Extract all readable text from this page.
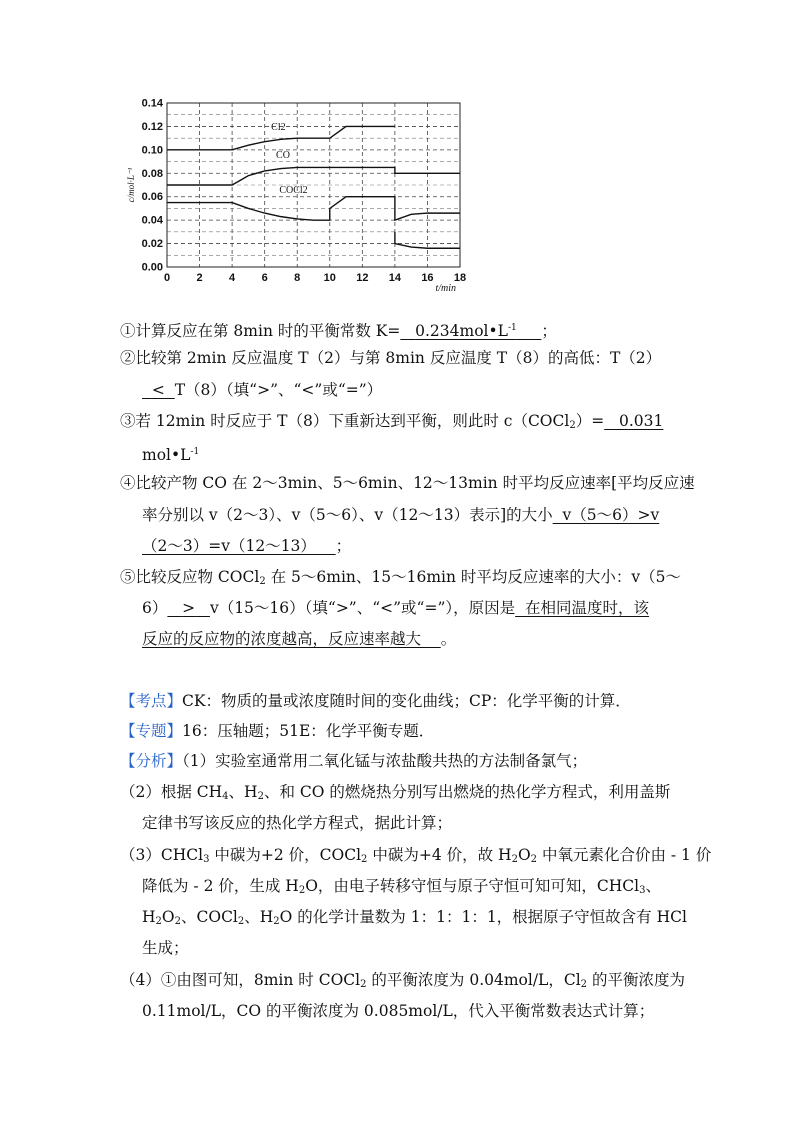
0.00
0.02
0.04
0.06
0.08
0.10
0.12
0.14
0 2 4 6 8 10 12 14 16 18
t/min
c/mol·L⁻¹
Cl2
CO
COCl2
①计算反应在第 8min 时的平衡常数 $K= 0.234mol•L^{-1}$ ；
②比较第 2min 反应温度 T（2）与第 8min 反应温度 T（8）的高低：T（2）
< T（8）（填“>”、“<”或“=”）
③若 12min 时反应于 T（8）下重新达到平衡，则此时 c（COCl$_2$）= 0.031
$mol•L^{-1}$
④比较产物 CO 在 2～3min、5～6min、12～13min 时平均反应速率[平均反应速
率分别以 v（2～3）、v（5～6）、v（12～13）表示]的大小 v（5～6）>v
（2～3）=v（12～13） ；
⑤比较反应物 COCl$_2$ 在 5～6min、15～16min 时平均反应速率的大小：v（5～
6） > v（15～16）（填“>”、“<”或“=”），原因是 在相同温度时，该
反应的反应物的浓度越高，反应速率越大 。
【考点】CK：物质的量或浓度随时间的变化曲线；CP：化学平衡的计算．
【专题】16：压轴题；51E：化学平衡专题．
【分析】（1）实验室通常用二氧化锰与浓盐酸共热的方法制备氯气；
（2）根据 $CH_4$、$H_2$、和 CO 的燃烧热分别写出燃烧的热化学方程式，利用盖斯
定律书写该反应的热化学方程式，据此计算；
（3）CHCl$_3$ 中碳为+2 价，COCl$_2$ 中碳为+4 价，故 $H_2O_2$ 中氧元素化合价由 - 1 价
降低为 - 2 价，生成 $H_2O$，由电子转移守恒与原子守恒可知可知，CHCl$_3$、
$H_2O_2$、COCl$_2$、$H_2O$ 的化学计量数为 1：1：1：1，根据原子守恒故含有 HCl
生成；
（4）①由图可知，8min 时 COCl$_2$ 的平衡浓度为 0.04mol/L，$Cl_2$ 的平衡浓度为
0.11mol/L，CO 的平衡浓度为 0.085mol/L，代入平衡常数表达式计算；
